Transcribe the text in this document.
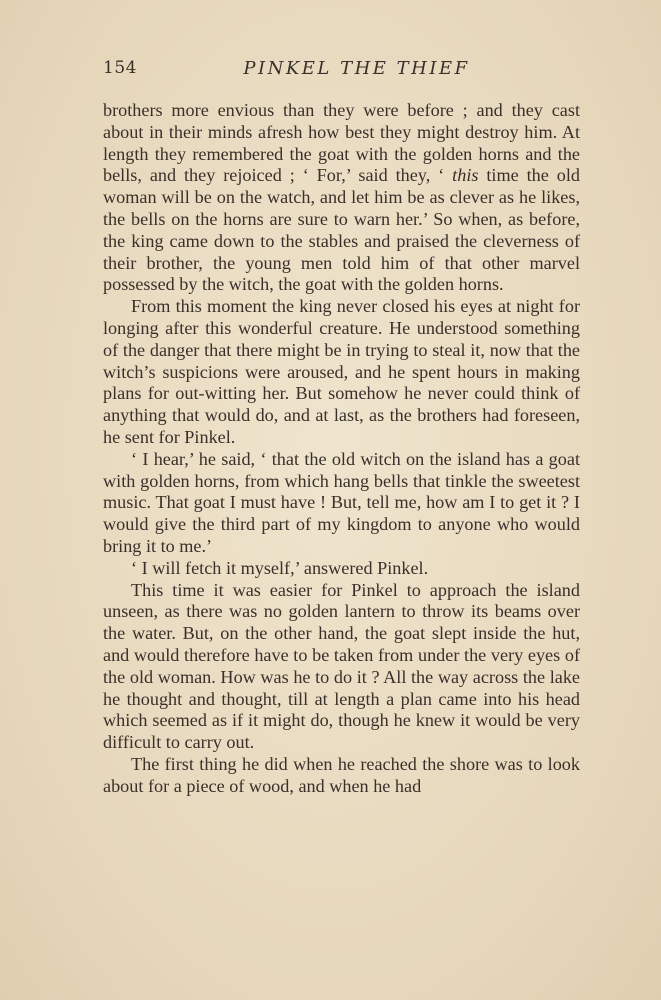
154	PINKEL THE THIEF

brothers more envious than they were before ; and they cast about in their minds afresh how best they might destroy him. At length they remembered the goat with the golden horns and the bells, and they rejoiced ; ‘ For,’ said they, ‘ this time the old woman will be on the watch, and let him be as clever as he likes, the bells on the horns are sure to warn her.’ So when, as before, the king came down to the stables and praised the cleverness of their brother, the young men told him of that other marvel possessed by the witch, the goat with the golden horns.

From this moment the king never closed his eyes at night for longing after this wonderful creature. He understood something of the danger that there might be in trying to steal it, now that the witch’s suspicions were aroused, and he spent hours in making plans for out-witting her. But somehow he never could think of anything that would do, and at last, as the brothers had foreseen, he sent for Pinkel.

‘ I hear,’ he said, ‘ that the old witch on the island has a goat with golden horns, from which hang bells that tinkle the sweetest music. That goat I must have ! But, tell me, how am I to get it ? I would give the third part of my kingdom to anyone who would bring it to me.’

‘ I will fetch it myself,’ answered Pinkel.

This time it was easier for Pinkel to approach the island unseen, as there was no golden lantern to throw its beams over the water. But, on the other hand, the goat slept inside the hut, and would therefore have to be taken from under the very eyes of the old woman. How was he to do it ? All the way across the lake he thought and thought, till at length a plan came into his head which seemed as if it might do, though he knew it would be very difficult to carry out.

The first thing he did when he reached the shore was to look about for a piece of wood, and when he had
